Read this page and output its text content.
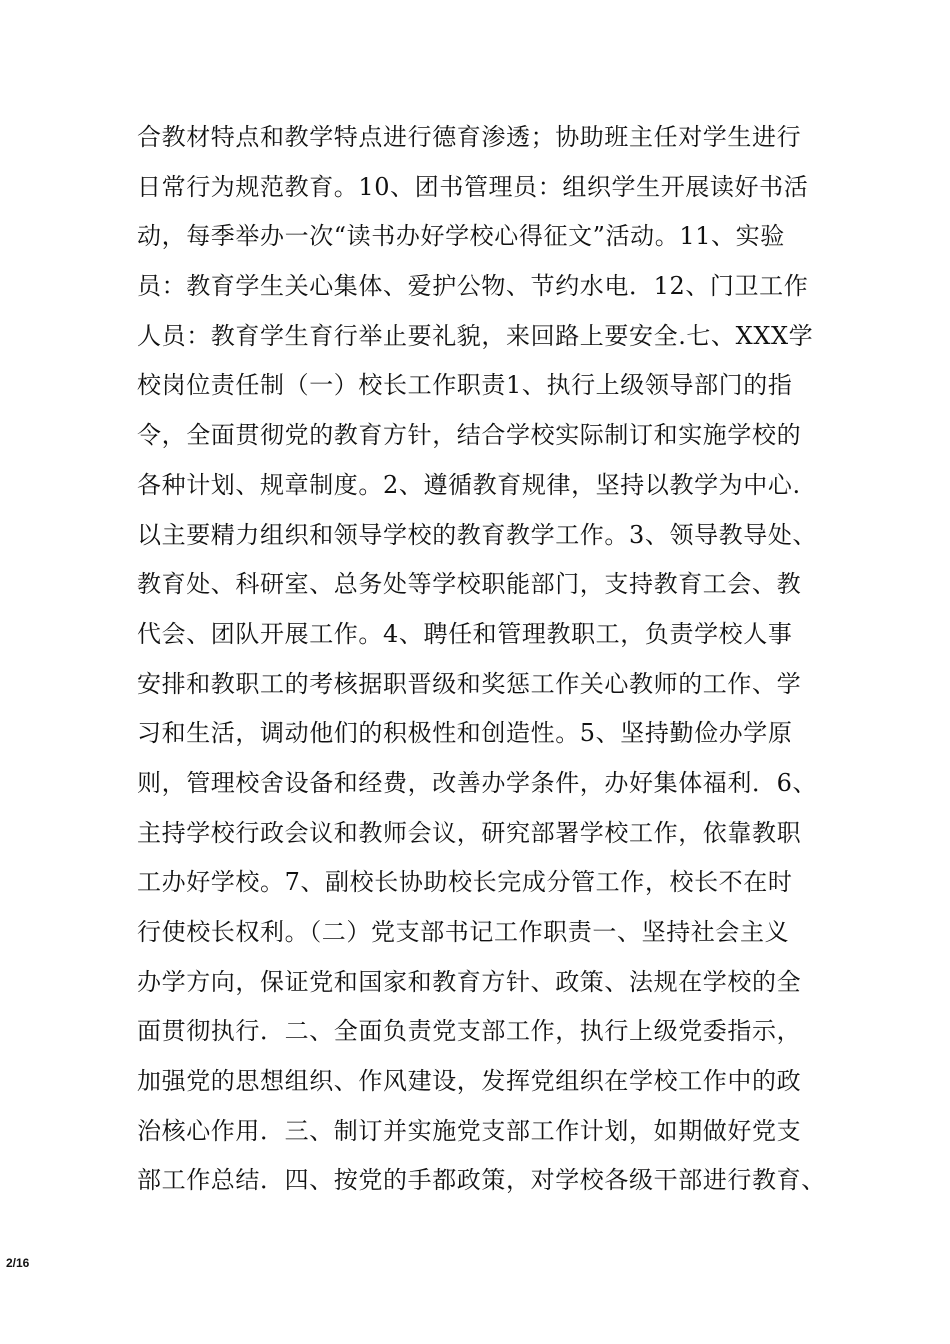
合教材特点和教学特点进行德育渗透；协助班主任对学生进行
日常行为规范教育。10、团书管理员：组织学生开展读好书活
动，每季举办一次“读书办好学校心得征文”活动。11、实验
员：教育学生关心集体、爱护公物、节约水电．12、门卫工作
人员：教育学生育行举止要礼貌，来回路上要安全.七、XXX学
校岗位责任制（一）校长工作职责1、执行上级领导部门的指
令，全面贯彻党的教育方针，结合学校实际制订和实施学校的
各种计划、规章制度。2、遵循教育规律，坚持以教学为中心.
以主要精力组织和领导学校的教育教学工作。3、领导教导处、
教育处、科研室、总务处等学校职能部门，支持教育工会、教
代会、团队开展工作。4、聘任和管理教职工，负责学校人事
安排和教职工的考核据职晋级和奖惩工作关心教师的工作、学
习和生活，调动他们的积极性和创造性。5、坚持勤俭办学原
则，管理校舍设备和经费，改善办学条件，办好集体福利．6、
主持学校行政会议和教师会议，研究部署学校工作，依靠教职
工办好学校。7、副校长协助校长完成分管工作，校长不在时
行使校长权利。（二）党支部书记工作职责一、坚持社会主义
办学方向，保证党和国家和教育方针、政策、法规在学校的全
面贯彻执行．二、全面负责党支部工作，执行上级党委指示，
加强党的思想组织、作风建设，发挥党组织在学校工作中的政
治核心作用．三、制订并实施党支部工作计划，如期做好党支
部工作总结．四、按党的手都政策，对学校各级干部进行教育、
2/16
